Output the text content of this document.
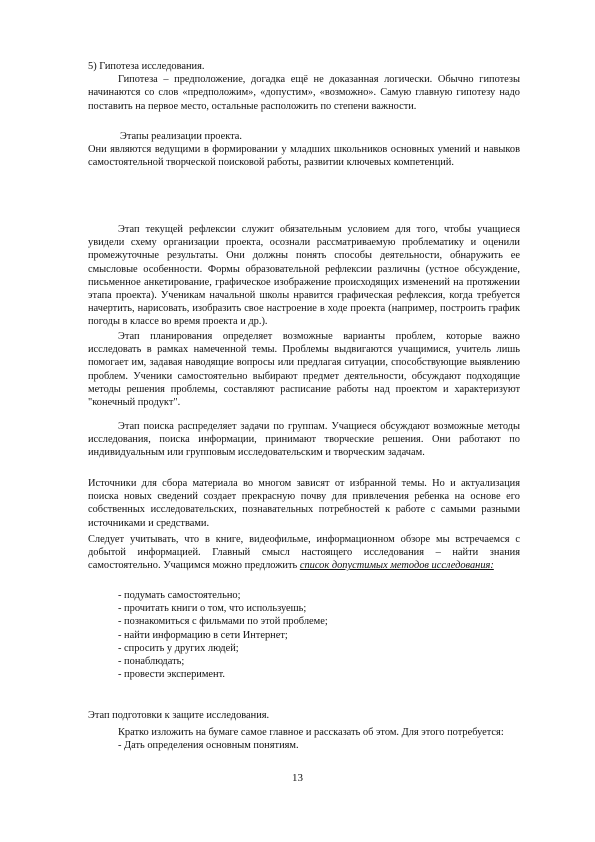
5) Гипотеза исследования.

Гипотеза – предположение, догадка ещё не доказанная логически. Обычно гипотезы начинаются со слов «предположим», «допустим», «возможно». Самую главную гипотезу надо поставить на первое место, остальные расположить по степени важности.

Этапы реализации проекта.

Они являются ведущими в формировании у младших школьников основных умений и навыков самостоятельной творческой поисковой работы, развитии ключевых компетенций.

Этап текущей рефлексии служит обязательным условием для того, чтобы учащиеся увидели схему организации проекта, осознали рассматриваемую проблематику и оценили промежуточные результаты. Они должны понять способы деятельности, обнаружить ее смысловые особенности. Формы образовательной рефлексии различны (устное обсуждение, письменное анкетирование, графическое изображение происходящих изменений на протяжении этапа проекта). Ученикам начальной школы нравится графическая рефлексия, когда требуется начертить, нарисовать, изобразить свое настроение в ходе проекта (например, построить график погоды в классе во время проекта и др.).

Этап планирования определяет возможные варианты проблем, которые важно исследовать в рамках намеченной темы. Проблемы выдвигаются учащимися, учитель лишь помогает им, задавая наводящие вопросы или предлагая ситуации, способствующие выявлению проблем. Ученики самостоятельно выбирают предмет деятельности, обсуждают подходящие методы решения проблемы, составляют расписание работы над проектом и характеризуют "конечный продукт".

Этап поиска распределяет задачи по группам. Учащиеся обсуждают возможные методы исследования, поиска информации, принимают творческие решения. Они работают по индивидуальным или групповым исследовательским и творческим задачам.

Источники для сбора материала во многом зависят от избранной темы. Но и актуализация поиска новых сведений создает прекрасную почву для привлечения ребенка на основе его собственных исследовательских, познавательных потребностей к работе с самыми разными источниками и средствами.

Следует учитывать, что в книге, видеофильме, информационном обзоре мы встречаемся с добытой информацией. Главный смысл настоящего исследования – найти знания самостоятельно. Учащимся можно предложить список допустимых методов исследования:

- подумать самостоятельно;
- прочитать книги о том, что используешь;
- познакомиться с фильмами по этой проблеме;
- найти информацию в сети Интернет;
- спросить у других людей;
- понаблюдать;
- провести эксперимент.

Этап подготовки к защите исследования.

Кратко изложить на бумаге самое главное и рассказать об этом. Для этого потребуется:

- Дать определения основным понятиям.

13
